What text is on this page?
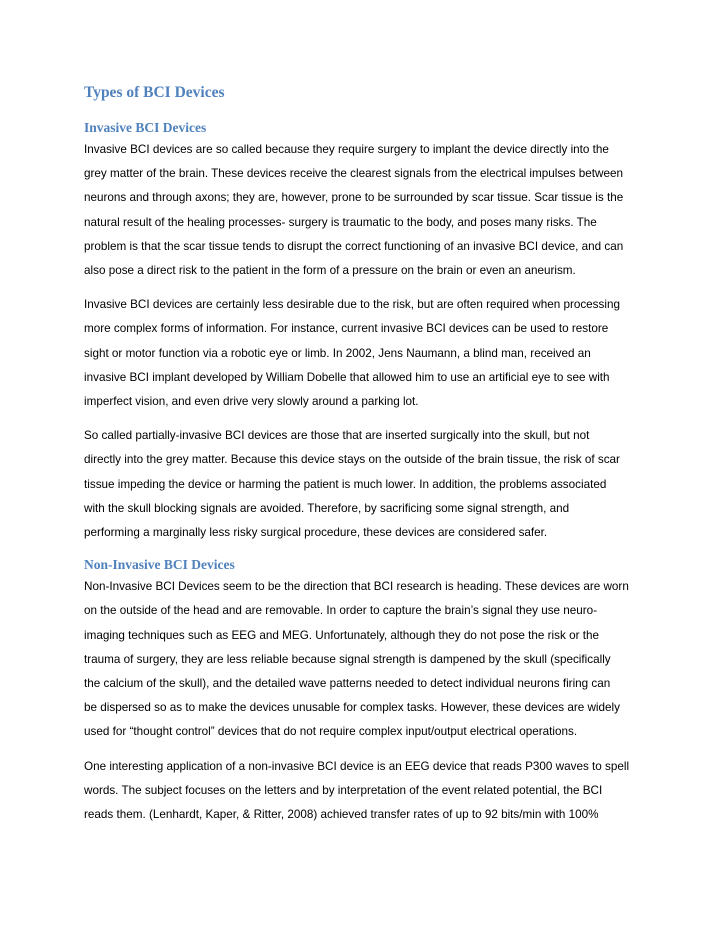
Types of BCI Devices
Invasive BCI Devices

Invasive BCI devices are so called because they require surgery to implant the device directly into the
grey matter of the brain. These devices receive the clearest signals from the electrical impulses between
neurons and through axons; they are, however, prone to be surrounded by scar tissue. Scar tissue is the
natural result of the healing processes- surgery is traumatic to the body, and poses many risks. The
problem is that the scar tissue tends to disrupt the correct functioning of an invasive BCI device, and can
also pose a direct risk to the patient in the form of a pressure on the brain or even an aneurism.

Invasive BCI devices are certainly less desirable due to the risk, but are often required when processing
more complex forms of information. For instance, current invasive BCI devices can be used to restore
sight or motor function via a robotic eye or limb. In 2002, Jens Naumann, a blind man, received an
invasive BCI implant developed by William Dobelle that allowed him to use an artificial eye to see with
imperfect vision, and even drive very slowly around a parking lot.

So called partially-invasive BCI devices are those that are inserted surgically into the skull, but not
directly into the grey matter. Because this device stays on the outside of the brain tissue, the risk of scar
tissue impeding the device or harming the patient is much lower. In addition, the problems associated
with the skull blocking signals are avoided. Therefore, by sacrificing some signal strength, and
performing a marginally less risky surgical procedure, these devices are considered safer.

Non-Invasive BCI Devices

Non-Invasive BCI Devices seem to be the direction that BCI research is heading. These devices are worn
on the outside of the head and are removable. In order to capture the brain’s signal they use neuro-
imaging techniques such as EEG and MEG. Unfortunately, although they do not pose the risk or the
trauma of surgery, they are less reliable because signal strength is dampened by the skull (specifically
the calcium of the skull), and the detailed wave patterns needed to detect individual neurons firing can
be dispersed so as to make the devices unusable for complex tasks. However, these devices are widely
used for “thought control” devices that do not require complex input/output electrical operations.

One interesting application of a non-invasive BCI device is an EEG device that reads P300 waves to spell
words. The subject focuses on the letters and by interpretation of the event related potential, the BCI
reads them. (Lenhardt, Kaper, & Ritter, 2008) achieved transfer rates of up to 92 bits/min with 100%
